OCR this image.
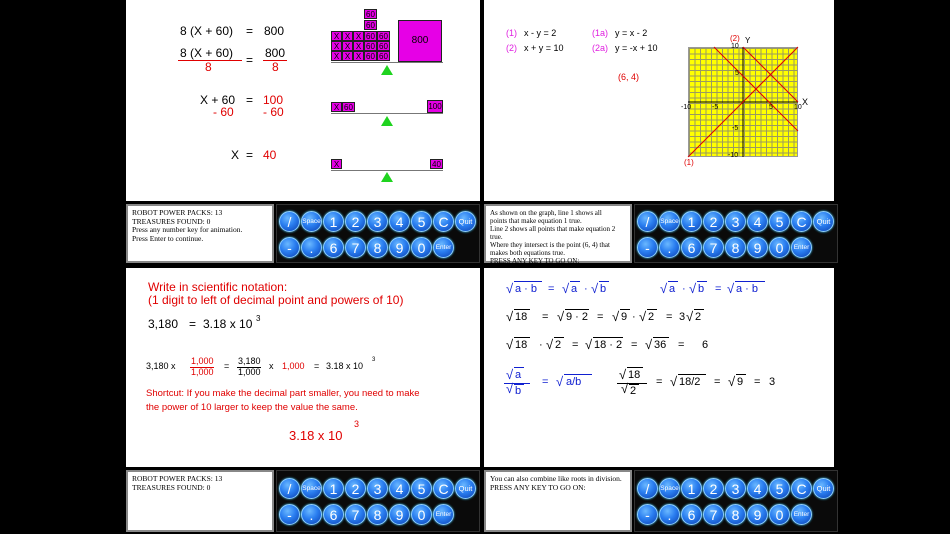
8 (X + 60) = 800
8 (X + 60)
8	= 800
8
X + 60 = 100
- 60 - 60
X = 40
X X X
X X X
X X X
60
60
60
60
60
60
60
60
800
X 60	100
X	40
(1) x - y = 2	(1a) y = x - 2
(2) x + y = 10	(2a) y = -x + 10
(6, 4)
Y
(2)
X
(1)
10
5
-5
-10
-10	-5	5	10
Write in scientific notation:
(1 digit to left of decimal point and powers of 10)
3,180 = 3.18 x 10 3
3,180 x 1,000
1,000
= 3,180
1,000
x 1,000 = 3.18 x 10
3
Shortcut: If you make the decimal part smaller, you need to make
the power of 10 larger to keep the value the same.
3.18 x 10
3
√ a · b = √ a · √ b	√ a · √ b = √ a · b
√ 18 = √ 9 · 2 = √ 9 · √ 2 = 3 √ 2
√ 18 · √ 2 = √ 18 · 2 = √ 36 = 6
√ a
√ b
= √ a/b	√ 18
√ 2
= √ 18/2 = √ 9 = 3
ROBOT POWER PACKS: 13
TREASURES FOUND: 0
Press any number key for animation.
Press Enter to continue.
As shown on the graph, line 1 shows all
points that make equation 1 true.
Line 2 shows all points that make equation 2
true.
Where they intersect is the point (6, 4) that
makes both equations true.
PRESS ANY KEY TO GO ON:
ROBOT POWER PACKS: 13
TREASURES FOUND: 0
You can also combine like roots in division.
PRESS ANY KEY TO GO ON:
/	Space 1	2	3	4	5 C	Quit
-	.	6	7	8	9	0	Enter
/	Space 1	2	3	4	5 C	Quit
-	.	6	7	8	9	0	Enter
/	Space 1	2	3	4	5 C	Quit
-	.	6	7	8	9	0	Enter
/	Space 1	2	3	4	5 C	Quit
-	.	6	7	8	9	0	Enter
